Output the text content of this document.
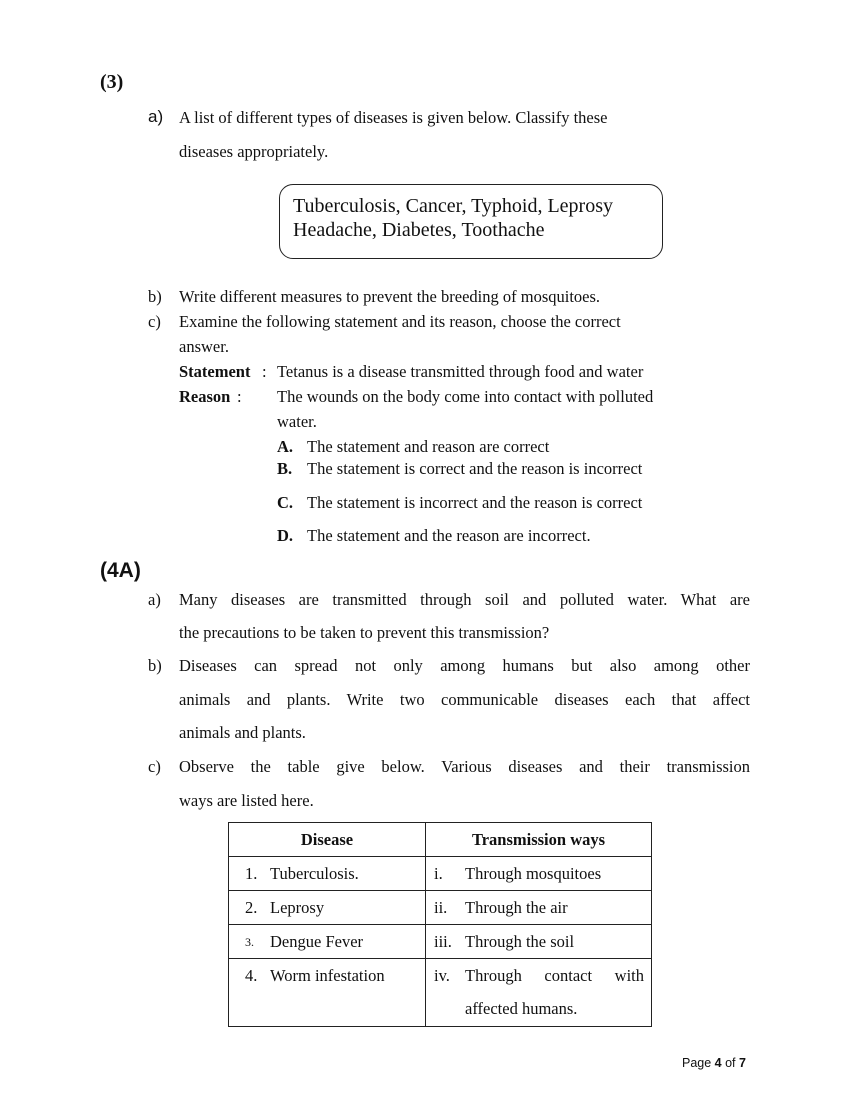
(3)
a) A list of different types of diseases is given below. Classify these
diseases appropriately.
Tuberculosis, Cancer, Typhoid, Leprosy
Headache, Diabetes, Toothache
b) Write different measures to prevent the breeding of mosquitoes.
c) Examine the following statement and its reason, choose the correct
answer.
Statement : Tetanus is a disease transmitted through food and water
Reason : The wounds on the body come into contact with polluted
water.
A. The statement and reason are correct
B. The statement is correct and the reason is incorrect
C. The statement is incorrect and the reason is correct
D. The statement and the reason are incorrect.
(4A)
a) Many diseases are transmitted through soil and polluted water. What are
the precautions to be taken to prevent this transmission?
b) Diseases can spread not only among humans but also among other
animals and plants. Write two communicable diseases each that affect
animals and plants.
c) Observe the table give below. Various diseases and their transmission
ways are listed here.
Disease	Transmission ways

1. Tuberculosis.	i. Through mosquitoes

2. Leprosy	ii. Through the air

3. Dengue Fever	iii. Through the soil

4. Worm infestation	iv. Through contact with
affected humans.
Page 4 of 7
